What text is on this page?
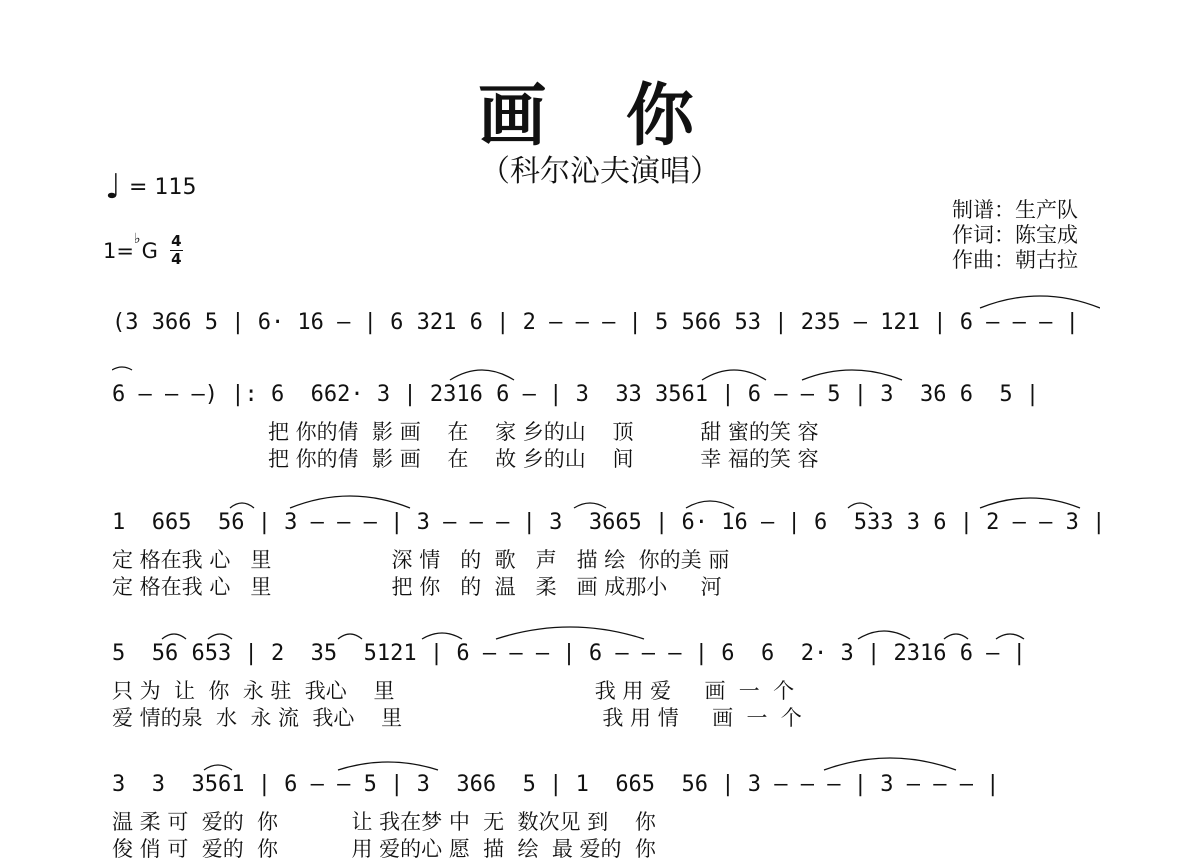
画 你
（科尔沁夫演唱）
♩ = 115
1= ♭ G 4
4
制谱：生产队
作词：陈宝成
作曲：朝古拉
(3 366 5 | 6· 16 – | 6 321 6 | 2 – – – | 5 566 53 | 235 – 121 | 6 – – – |
6 – – –) |: 6  662· 3 | 2316 6 – | 3  33 3561 | 6 – – 5 | 3  36 6  5 |
把 你的倩  影 画    在    家 乡的山    顶          甜 蜜的笑 容
把 你的倩  影 画    在    故 乡的山    间          幸 福的笑 容
1  665  56 | 3 – – – | 3 – – – | 3  3665 | 6· 16 – | 6  533 3 6 | 2 – – 3 |
定 格在我 心   里                  深 情   的  歌   声   描 绘  你的美 丽
定 格在我 心   里                  把 你   的  温   柔   画 成那小     河
5  56 653 | 2  35  5121 | 6 – – – | 6 – – – | 6  6  2· 3 | 2316 6 – |
只 为  让  你  永 驻  我心    里                              我 用 爱     画  一  个
爱 情的泉  水  永 流  我心    里                              我 用 情     画  一  个
3  3  3561 | 6 – – 5 | 3  366  5 | 1  665  56 | 3 – – – | 3 – – – |
温 柔 可  爱的  你           让 我在梦 中  无  数次见 到    你
俊 俏 可  爱的  你           用 爱的心 愿  描  绘  最 爱的  你
